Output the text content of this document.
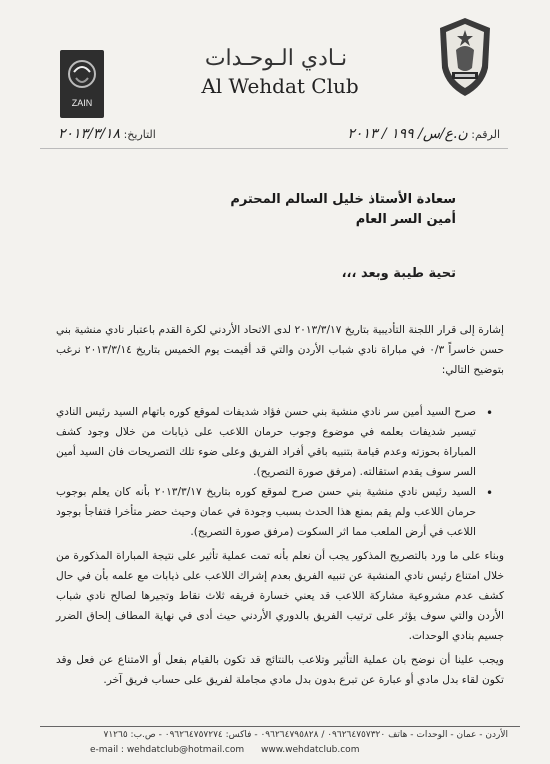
ZAIN
نـادي الـوحـدات
Al Wehdat Club
الرقم: ن.ع/س/ ١٩٩ / ٢٠١٣
التاريخ: ٢٠١٣/٣/١٨
سعادة الأستاذ خليل السالم المحترم
أمين السر العام
تحية طيبة وبعد ،،،
إشارة إلى قرار اللجنة التأديبية بتاريخ ٢٠١٣/٣/١٧ لدى الاتحاد الأردني لكرة القدم باعتبار نادي منشية بني حسن خاسراً ٠/٣ في مباراة نادي شباب الأردن والتي قد أقيمت يوم الخميس بتاريخ ٢٠١٣/٣/١٤ نرغب بتوضيح التالي:
•
صرح السيد أمين سر نادي منشية بني حسن فؤاد شديفات لموقع كوره باتهام السيد رئيس النادي تيسير شديفات بعلمه في موضوع وجوب حرمان اللاعب على ذيابات من خلال وجود كشف المباراة بحوزته وعدم قيامة بتنبيه باقي أفراد الفريق وعلى ضوء تلك التصريحات فان السيد أمين السر سوف يقدم استقالته. (مرفق صورة التصريح).
•
السيد رئيس نادي منشية بني حسن صرح لموقع كوره بتاريخ ٢٠١٣/٣/١٧ بأنه كان يعلم بوجوب حرمان اللاعب ولم يقم بمنع هذا الحدث بسبب وجودة في عمان وحيث حضر متأخرا فتفاجأ بوجود اللاعب في أرض الملعب مما اثر السكوت (مرفق صورة التصريح).
وبناء على ما ورد بالتصريح المذكور يجب أن نعلم بأنه تمت عملية تأثير على نتيجة المباراة المذكورة من خلال امتناع رئيس نادي المنشية عن تنبيه الفريق بعدم إشراك اللاعب على ذيابات مع علمه بأن في حال كشف عدم مشروعية مشاركة اللاعب قد يعني خسارة فريقه ثلاث نقاط وتجيرها لصالح نادي شباب الأردن والتي سوف يؤثر على ترتيب الفريق بالدوري الأردني حيث أدى في نهاية المطاف إلحاق الضرر جسيم بنادي الوحدات.
ويجب علينا أن نوضح بان عملية التأثير وتلاعب بالنتائج قد تكون بالقيام بفعل أو الامتناع عن فعل وقد تكون لقاء بدل مادي أو عبارة عن تبرع بدون بدل مادي مجاملة لفريق على حساب فريق آخر.
الأردن - عمان - الوحدات - هاتف ٠٩٦٢٦٤٧٥٧٣٢٠ / ٠٩٦٢٦٤٧٩٥٨٢٨ - فاكس: ٠٩٦٢٦٤٧٥٧٢٧٤ - ص.ب: ٧١٢٦٥
e-mail : wehdatclub@hotmail.com www.wehdatclub.com
